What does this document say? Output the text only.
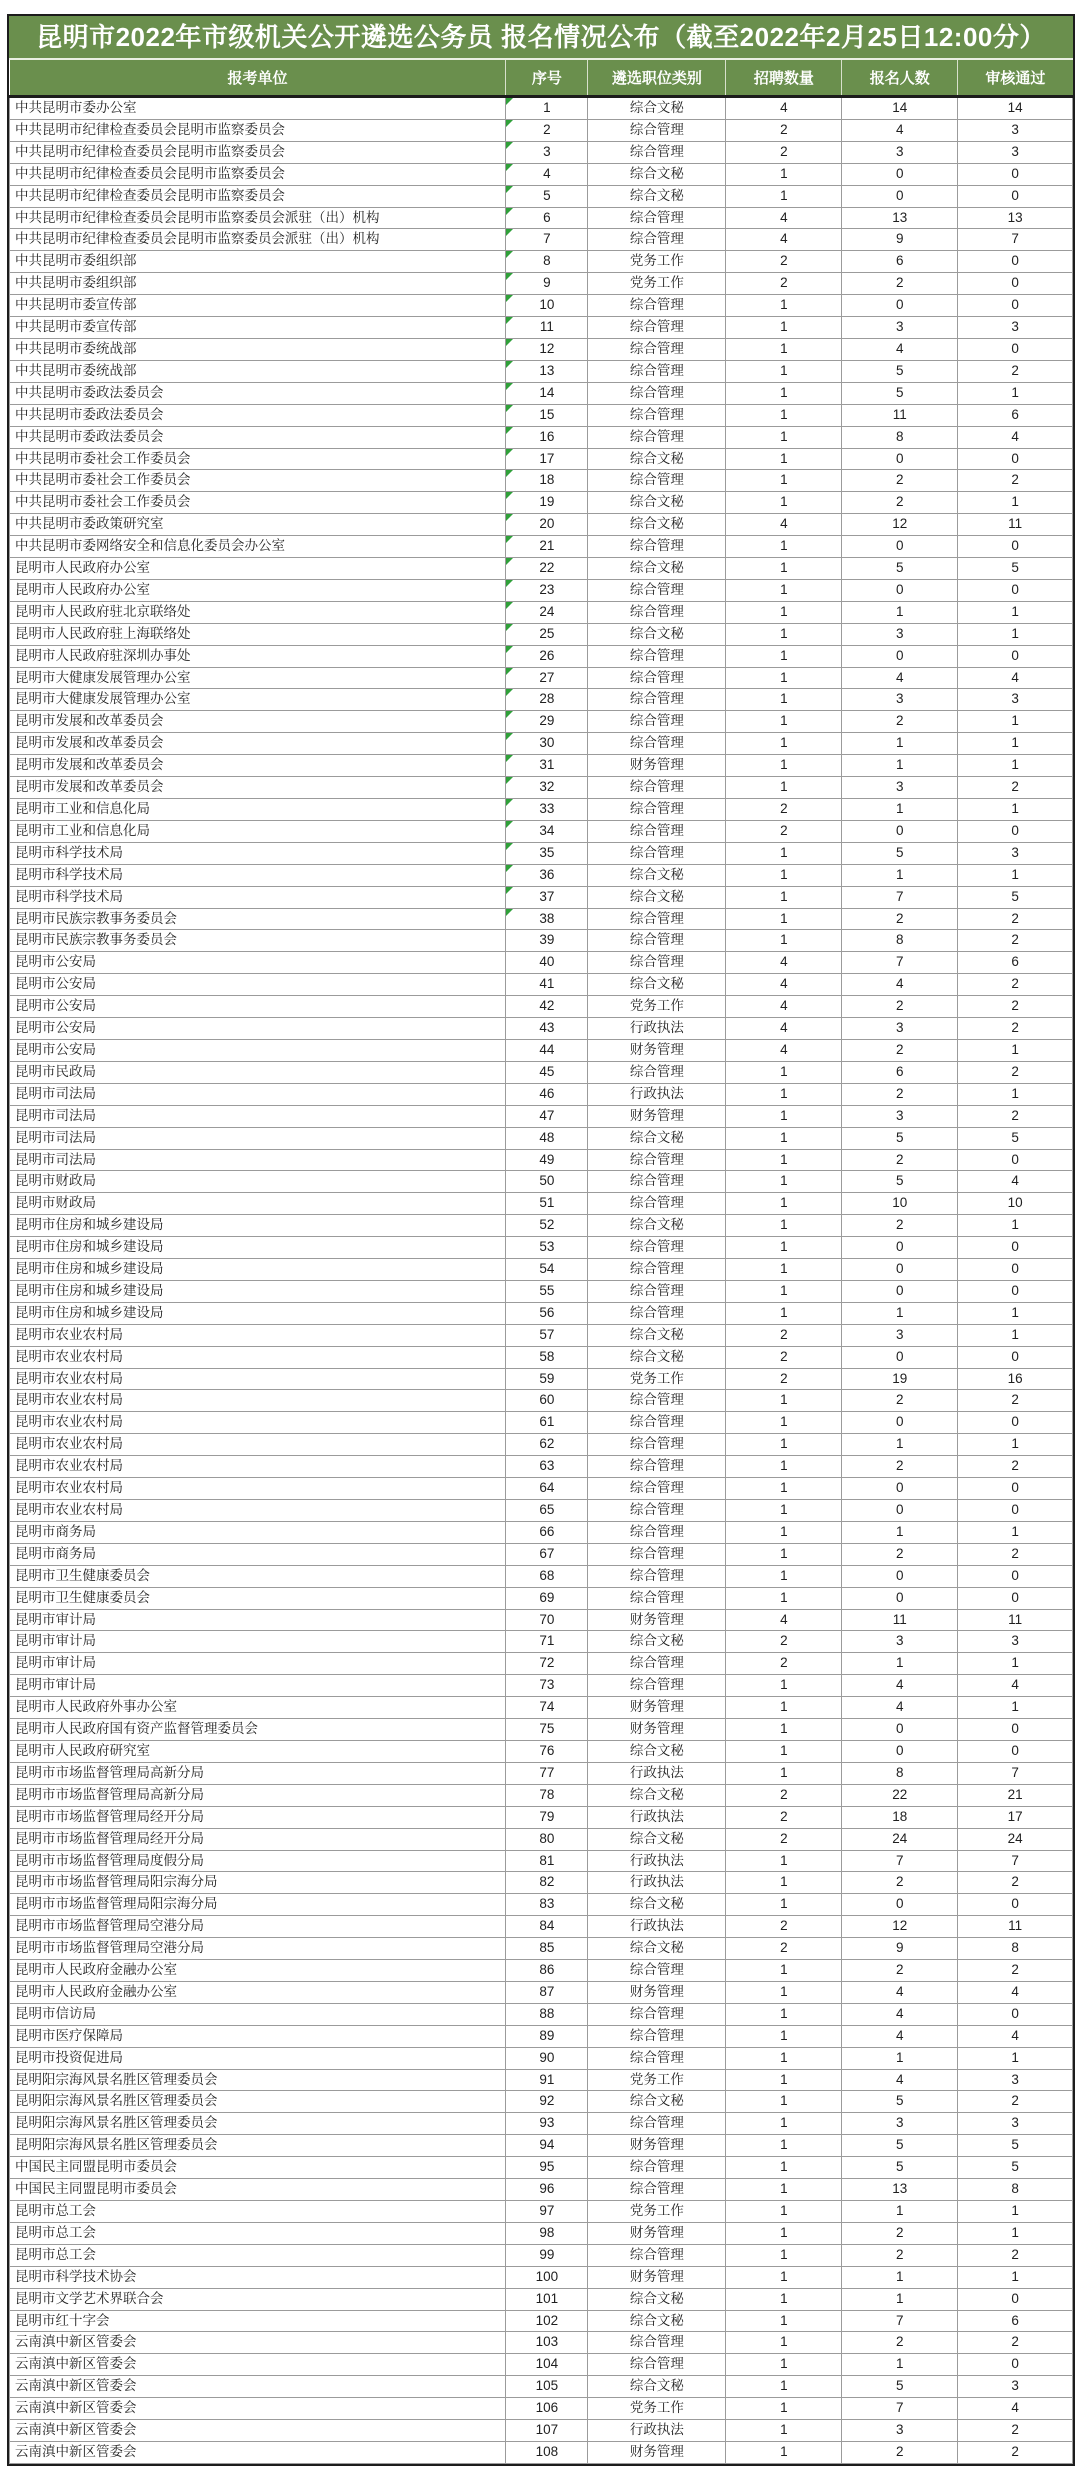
昆明市2022年市级机关公开遴选公务员 报名情况公布（截至2022年2月25日12:00分）
报考单位	序号	遴选职位类别	招聘数量	报名人数	审核通过
中共昆明市委办公室	1	综合文秘	4	14	14
中共昆明市纪律检查委员会昆明市监察委员会	2	综合管理	2	4	3
中共昆明市纪律检查委员会昆明市监察委员会	3	综合管理	2	3	3
中共昆明市纪律检查委员会昆明市监察委员会	4	综合文秘	1	0	0
中共昆明市纪律检查委员会昆明市监察委员会	5	综合文秘	1	0	0
中共昆明市纪律检查委员会昆明市监察委员会派驻（出）机构	6	综合管理	4	13	13
中共昆明市纪律检查委员会昆明市监察委员会派驻（出）机构	7	综合管理	4	9	7
中共昆明市委组织部	8	党务工作	2	6	0
中共昆明市委组织部	9	党务工作	2	2	0
中共昆明市委宣传部	10	综合管理	1	0	0
中共昆明市委宣传部	11	综合管理	1	3	3
中共昆明市委统战部	12	综合管理	1	4	0
中共昆明市委统战部	13	综合管理	1	5	2
中共昆明市委政法委员会	14	综合管理	1	5	1
中共昆明市委政法委员会	15	综合管理	1	11	6
中共昆明市委政法委员会	16	综合管理	1	8	4
中共昆明市委社会工作委员会	17	综合文秘	1	0	0
中共昆明市委社会工作委员会	18	综合管理	1	2	2
中共昆明市委社会工作委员会	19	综合文秘	1	2	1
中共昆明市委政策研究室	20	综合文秘	4	12	11
中共昆明市委网络安全和信息化委员会办公室	21	综合管理	1	0	0
昆明市人民政府办公室	22	综合文秘	1	5	5
昆明市人民政府办公室	23	综合管理	1	0	0
昆明市人民政府驻北京联络处	24	综合管理	1	1	1
昆明市人民政府驻上海联络处	25	综合文秘	1	3	1
昆明市人民政府驻深圳办事处	26	综合管理	1	0	0
昆明市大健康发展管理办公室	27	综合管理	1	4	4
昆明市大健康发展管理办公室	28	综合管理	1	3	3
昆明市发展和改革委员会	29	综合管理	1	2	1
昆明市发展和改革委员会	30	综合管理	1	1	1
昆明市发展和改革委员会	31	财务管理	1	1	1
昆明市发展和改革委员会	32	综合管理	1	3	2
昆明市工业和信息化局	33	综合管理	2	1	1
昆明市工业和信息化局	34	综合管理	2	0	0
昆明市科学技术局	35	综合管理	1	5	3
昆明市科学技术局	36	综合文秘	1	1	1
昆明市科学技术局	37	综合文秘	1	7	5
昆明市民族宗教事务委员会	38	综合管理	1	2	2
昆明市民族宗教事务委员会	39	综合管理	1	8	2
昆明市公安局	40	综合管理	4	7	6
昆明市公安局	41	综合文秘	4	4	2
昆明市公安局	42	党务工作	4	2	2
昆明市公安局	43	行政执法	4	3	2
昆明市公安局	44	财务管理	4	2	1
昆明市民政局	45	综合管理	1	6	2
昆明市司法局	46	行政执法	1	2	1
昆明市司法局	47	财务管理	1	3	2
昆明市司法局	48	综合文秘	1	5	5
昆明市司法局	49	综合管理	1	2	0
昆明市财政局	50	综合管理	1	5	4
昆明市财政局	51	综合管理	1	10	10
昆明市住房和城乡建设局	52	综合文秘	1	2	1
昆明市住房和城乡建设局	53	综合管理	1	0	0
昆明市住房和城乡建设局	54	综合管理	1	0	0
昆明市住房和城乡建设局	55	综合管理	1	0	0
昆明市住房和城乡建设局	56	综合管理	1	1	1
昆明市农业农村局	57	综合文秘	2	3	1
昆明市农业农村局	58	综合文秘	2	0	0
昆明市农业农村局	59	党务工作	2	19	16
昆明市农业农村局	60	综合管理	1	2	2
昆明市农业农村局	61	综合管理	1	0	0
昆明市农业农村局	62	综合管理	1	1	1
昆明市农业农村局	63	综合管理	1	2	2
昆明市农业农村局	64	综合管理	1	0	0
昆明市农业农村局	65	综合管理	1	0	0
昆明市商务局	66	综合管理	1	1	1
昆明市商务局	67	综合管理	1	2	2
昆明市卫生健康委员会	68	综合管理	1	0	0
昆明市卫生健康委员会	69	综合管理	1	0	0
昆明市审计局	70	财务管理	4	11	11
昆明市审计局	71	综合文秘	2	3	3
昆明市审计局	72	综合管理	2	1	1
昆明市审计局	73	综合管理	1	4	4
昆明市人民政府外事办公室	74	财务管理	1	4	1
昆明市人民政府国有资产监督管理委员会	75	财务管理	1	0	0
昆明市人民政府研究室	76	综合文秘	1	0	0
昆明市市场监督管理局高新分局	77	行政执法	1	8	7
昆明市市场监督管理局高新分局	78	综合文秘	2	22	21
昆明市市场监督管理局经开分局	79	行政执法	2	18	17
昆明市市场监督管理局经开分局	80	综合文秘	2	24	24
昆明市市场监督管理局度假分局	81	行政执法	1	7	7
昆明市市场监督管理局阳宗海分局	82	行政执法	1	2	2
昆明市市场监督管理局阳宗海分局	83	综合文秘	1	0	0
昆明市市场监督管理局空港分局	84	行政执法	2	12	11
昆明市市场监督管理局空港分局	85	综合文秘	2	9	8
昆明市人民政府金融办公室	86	综合管理	1	2	2
昆明市人民政府金融办公室	87	财务管理	1	4	4
昆明市信访局	88	综合管理	1	4	0
昆明市医疗保障局	89	综合管理	1	4	4
昆明市投资促进局	90	综合管理	1	1	1
昆明阳宗海风景名胜区管理委员会	91	党务工作	1	4	3
昆明阳宗海风景名胜区管理委员会	92	综合文秘	1	5	2
昆明阳宗海风景名胜区管理委员会	93	综合管理	1	3	3
昆明阳宗海风景名胜区管理委员会	94	财务管理	1	5	5
中国民主同盟昆明市委员会	95	综合管理	1	5	5
中国民主同盟昆明市委员会	96	综合管理	1	13	8
昆明市总工会	97	党务工作	1	1	1
昆明市总工会	98	财务管理	1	2	1
昆明市总工会	99	综合管理	1	2	2
昆明市科学技术协会	100	财务管理	1	1	1
昆明市文学艺术界联合会	101	综合文秘	1	1	0
昆明市红十字会	102	综合文秘	1	7	6
云南滇中新区管委会	103	综合管理	1	2	2
云南滇中新区管委会	104	综合管理	1	1	0
云南滇中新区管委会	105	综合文秘	1	5	3
云南滇中新区管委会	106	党务工作	1	7	4
云南滇中新区管委会	107	行政执法	1	3	2
云南滇中新区管委会	108	财务管理	1	2	2
